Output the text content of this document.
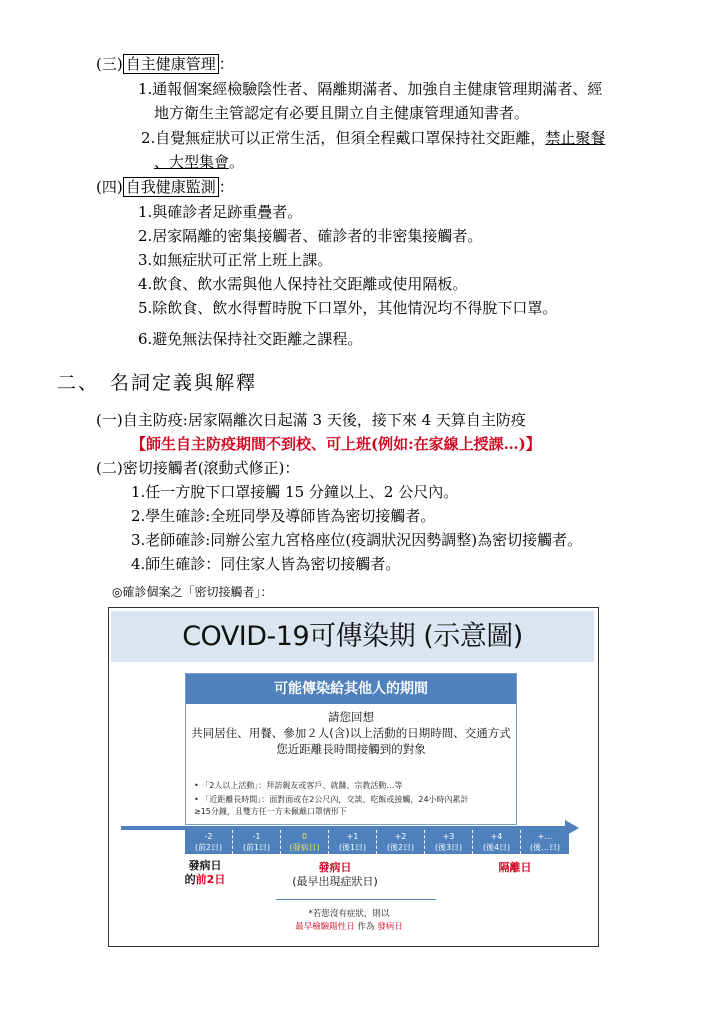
(三) 自主健康管理 ：
1.通報個案經檢驗陰性者、隔離期滿者、加強自主健康管理期滿者、經
地方衛生主管認定有必要且開立自主健康管理通知書者。
2.自覺無症狀可以正常生活，但須全程戴口罩保持社交距離，禁止聚餐
、大型集會。
(四) 自我健康監測 ：
1.與確診者足跡重疊者。
2.居家隔離的密集接觸者、確診者的非密集接觸者。
3.如無症狀可正常上班上課。
4.飲食、飲水需與他人保持社交距離或使用隔板。
5.除飲食、飲水得暫時脫下口罩外，其他情況均不得脫下口罩。
6.避免無法保持社交距離之課程。
二、 名詞定義與解釋
(一)自主防疫:居家隔離次日起滿 3 天後，接下來 4 天算自主防疫
【師生自主防疫期間不到校、可上班(例如:在家線上授課…)】
(二)密切接觸者(滾動式修正)：
1.任一方脫下口罩接觸 15 分鐘以上、2 公尺內。
2.學生確診:全班同學及導師皆為密切接觸者。
3.老師確診:同辦公室九宮格座位(疫調狀況因勢調整)為密切接觸者。
4.師生確診：同住家人皆為密切接觸者。
◎確診個案之「密切接觸者」：
COVID-19可傳染期 (示意圖)
可能傳染給其他人的期間
請您回想
共同居住、用餐、參加２人(含)以上活動的日期時間、交通方式
您近距離長時間接觸到的對象
• 「2人以上活動」：拜訪親友或客戶、就醫、宗教活動…等
• 「近距離長時間」：面對面或在2公尺內，交談、吃飯或接觸，24小時內累計
≥15分鐘，且雙方任一方未佩戴口罩情形下
-2
(前2日)
-1
(前1日)
0
(發病日)
+1
(後1日)
+2
(後2日)
+3
(後3日)
+4
(後4日)
+…
(後…日)
發病日
的前2日
發病日
(最早出現症狀日)
隔離日
*若您沒有症狀，則以
最早檢驗陽性日 作為 發病日
